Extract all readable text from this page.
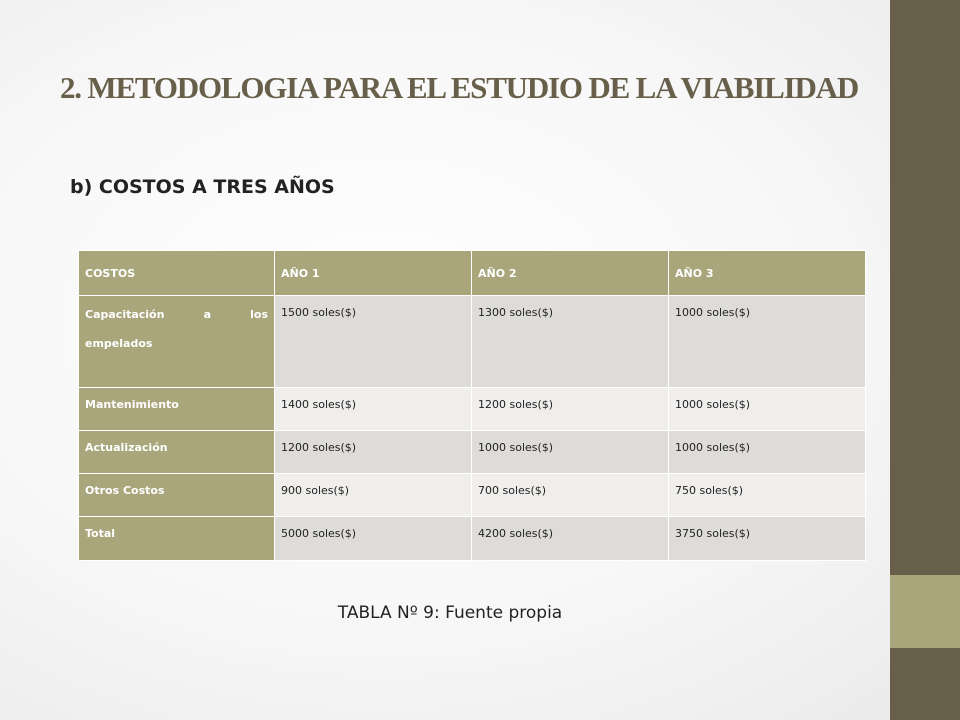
2. METODOLOGIA PARA EL ESTUDIO DE LA VIABILIDAD
b) COSTOS A TRES AÑOS
COSTOS	AÑO 1	AÑO 2	AÑO 3
Capacitación a los empelados	1500 soles($)	1300 soles($)	1000 soles($)
Mantenimiento	1400 soles($)	1200 soles($)	1000 soles($)
Actualización	1200 soles($)	1000 soles($)	1000 soles($)
Otros Costos	900 soles($)	700 soles($)	750 soles($)
Total	5000 soles($)	4200 soles($)	3750 soles($)
TABLA Nº 9: Fuente propia
